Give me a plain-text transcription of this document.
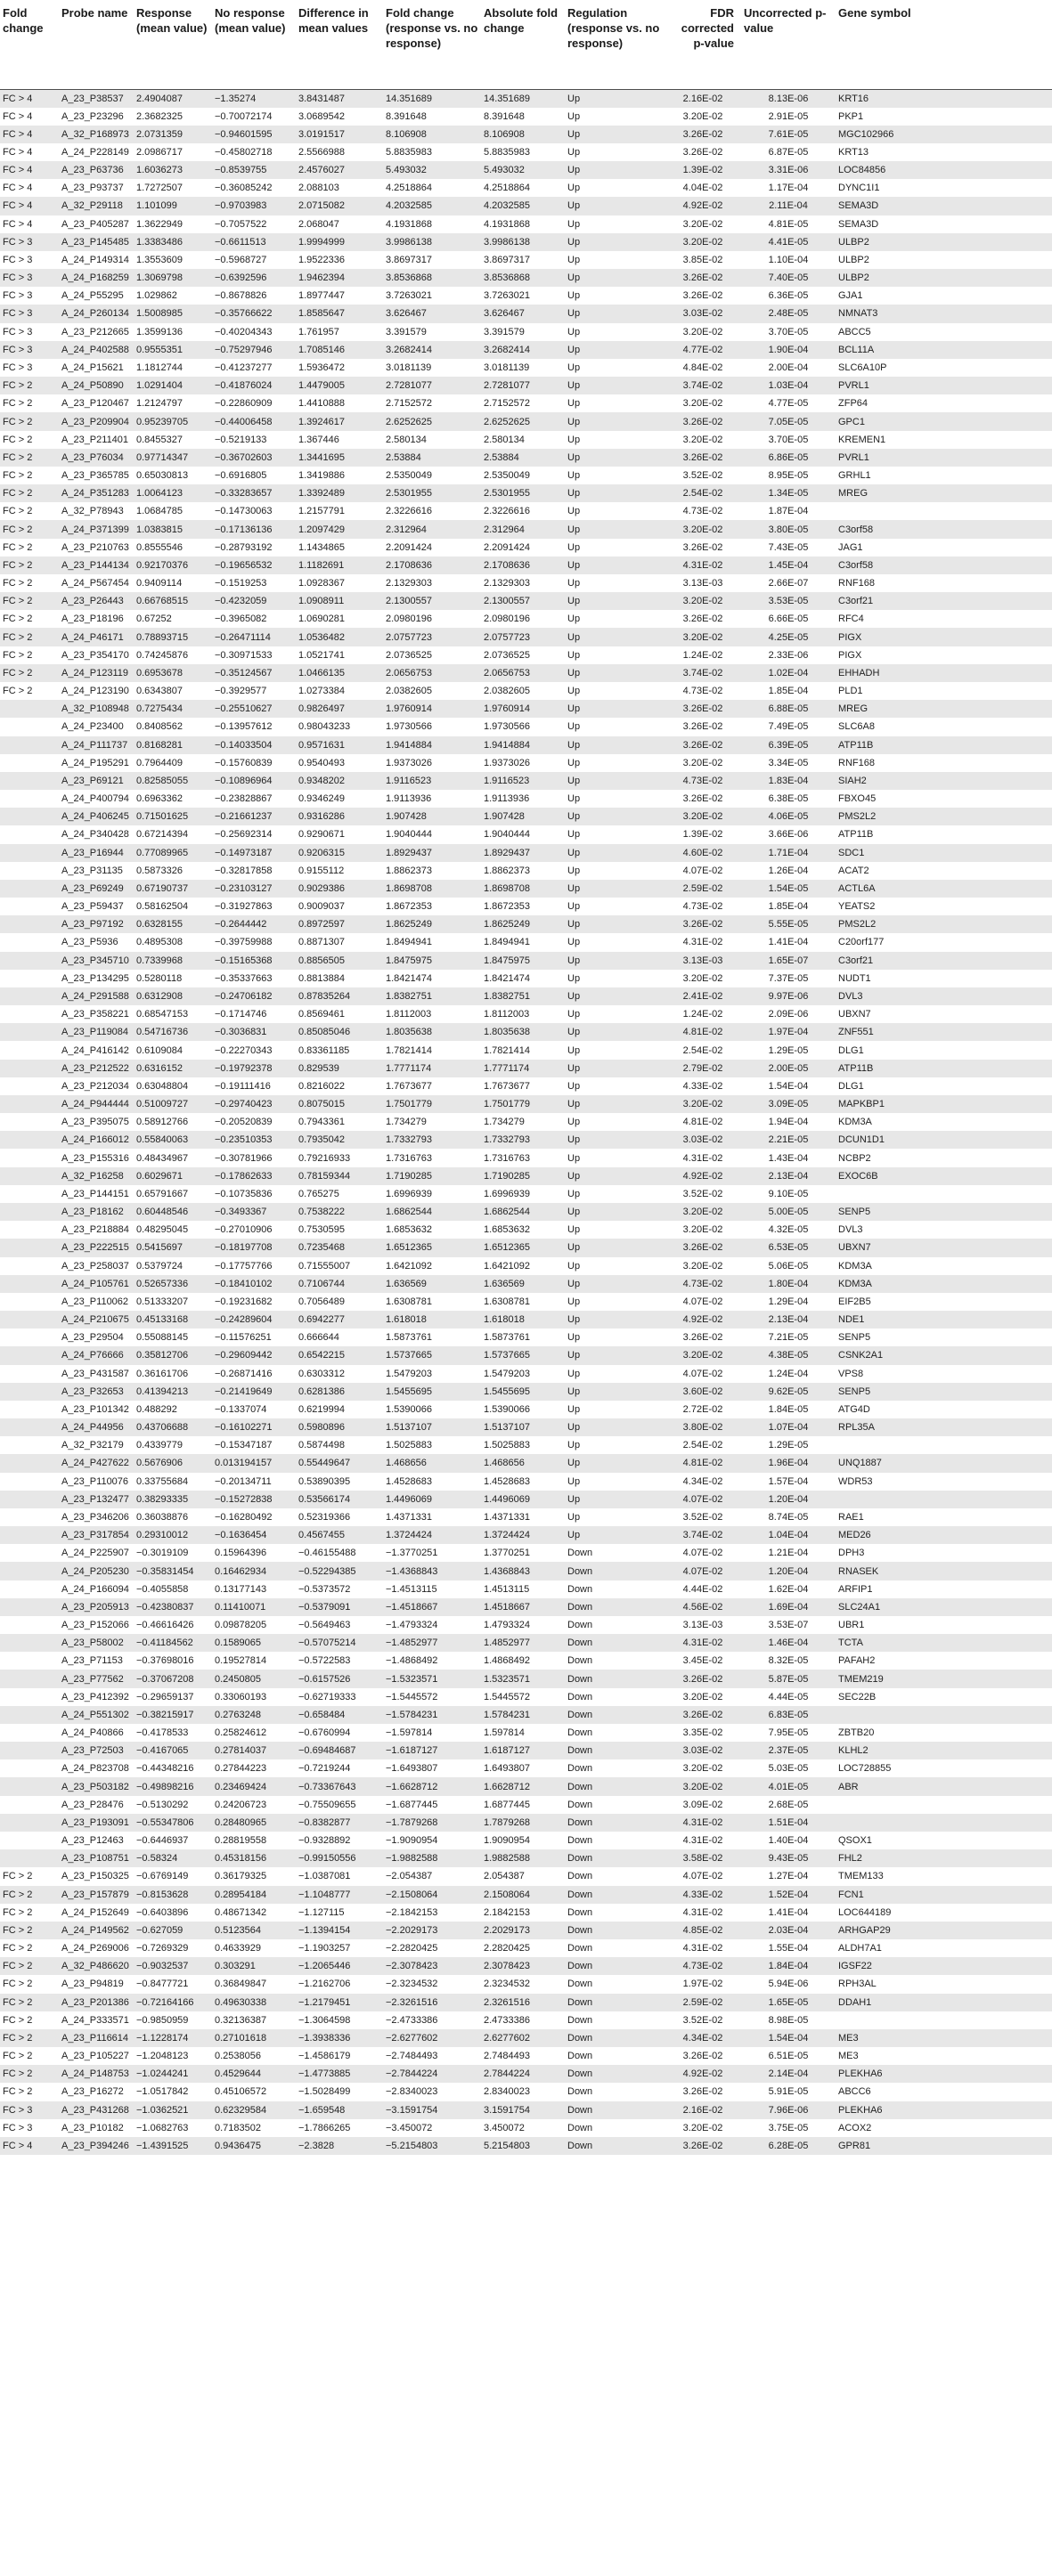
Fold change	Probe name	Response (mean value)	No response (mean value)	Difference in mean values	Fold change (response vs. no response)	Absolute fold change	Regulation (response vs. no response)	FDR corrected p-value	Uncorrected p-value	Gene symbol
FC > 4	A_23_P38537	2.4904087	−1.35274	3.8431487	14.351689	14.351689	Up	2.16E-02	8.13E-06	KRT16
FC > 4	A_23_P23296	2.3682325	−0.70072174	3.0689542	8.391648	8.391648	Up	3.20E-02	2.91E-05	PKP1
FC > 4	A_32_P168973	2.0731359	−0.94601595	3.0191517	8.106908	8.106908	Up	3.26E-02	7.61E-05	MGC102966
FC > 4	A_24_P228149	2.0986717	−0.45802718	2.5566988	5.8835983	5.8835983	Up	3.26E-02	6.87E-05	KRT13
FC > 4	A_23_P63736	1.6036273	−0.8539755	2.4576027	5.493032	5.493032	Up	1.39E-02	3.31E-06	LOC84856
FC > 4	A_23_P93737	1.7272507	−0.36085242	2.088103	4.2518864	4.2518864	Up	4.04E-02	1.17E-04	DYNC1I1
FC > 4	A_32_P29118	1.101099	−0.9703983	2.0715082	4.2032585	4.2032585	Up	4.92E-02	2.11E-04	SEMA3D
FC > 4	A_23_P405287	1.3622949	−0.7057522	2.068047	4.1931868	4.1931868	Up	3.20E-02	4.81E-05	SEMA3D
FC > 3	A_23_P145485	1.3383486	−0.6611513	1.9994999	3.9986138	3.9986138	Up	3.20E-02	4.41E-05	ULBP2
FC > 3	A_24_P149314	1.3553609	−0.5968727	1.9522336	3.8697317	3.8697317	Up	3.85E-02	1.10E-04	ULBP2
FC > 3	A_24_P168259	1.3069798	−0.6392596	1.9462394	3.8536868	3.8536868	Up	3.26E-02	7.40E-05	ULBP2
FC > 3	A_24_P55295	1.029862	−0.8678826	1.8977447	3.7263021	3.7263021	Up	3.26E-02	6.36E-05	GJA1
FC > 3	A_24_P260134	1.5008985	−0.35766622	1.8585647	3.626467	3.626467	Up	3.03E-02	2.48E-05	NMNAT3
FC > 3	A_23_P212665	1.3599136	−0.40204343	1.761957	3.391579	3.391579	Up	3.20E-02	3.70E-05	ABCC5
FC > 3	A_24_P402588	0.9555351	−0.75297946	1.7085146	3.2682414	3.2682414	Up	4.77E-02	1.90E-04	BCL11A
FC > 3	A_24_P15621	1.1812744	−0.41237277	1.5936472	3.0181139	3.0181139	Up	4.84E-02	2.00E-04	SLC6A10P
FC > 2	A_24_P50890	1.0291404	−0.41876024	1.4479005	2.7281077	2.7281077	Up	3.74E-02	1.03E-04	PVRL1
FC > 2	A_23_P120467	1.2124797	−0.22860909	1.4410888	2.7152572	2.7152572	Up	3.20E-02	4.77E-05	ZFP64
FC > 2	A_23_P209904	0.95239705	−0.44006458	1.3924617	2.6252625	2.6252625	Up	3.26E-02	7.05E-05	GPC1
FC > 2	A_23_P211401	0.8455327	−0.5219133	1.367446	2.580134	2.580134	Up	3.20E-02	3.70E-05	KREMEN1
FC > 2	A_23_P76034	0.97714347	−0.36702603	1.3441695	2.53884	2.53884	Up	3.26E-02	6.86E-05	PVRL1
FC > 2	A_23_P365785	0.65030813	−0.6916805	1.3419886	2.5350049	2.5350049	Up	3.52E-02	8.95E-05	GRHL1
FC > 2	A_24_P351283	1.0064123	−0.33283657	1.3392489	2.5301955	2.5301955	Up	2.54E-02	1.34E-05	MREG
FC > 2	A_32_P78943	1.0684785	−0.14730063	1.2157791	2.3226616	2.3226616	Up	4.73E-02	1.87E-04	
FC > 2	A_24_P371399	1.0383815	−0.17136136	1.2097429	2.312964	2.312964	Up	3.20E-02	3.80E-05	C3orf58
FC > 2	A_23_P210763	0.8555546	−0.28793192	1.1434865	2.2091424	2.2091424	Up	3.26E-02	7.43E-05	JAG1
FC > 2	A_23_P144134	0.92170376	−0.19656532	1.1182691	2.1708636	2.1708636	Up	4.31E-02	1.45E-04	C3orf58
FC > 2	A_24_P567454	0.9409114	−0.1519253	1.0928367	2.1329303	2.1329303	Up	3.13E-03	2.66E-07	RNF168
FC > 2	A_23_P26443	0.66768515	−0.4232059	1.0908911	2.1300557	2.1300557	Up	3.20E-02	3.53E-05	C3orf21
FC > 2	A_23_P18196	0.67252	−0.3965082	1.0690281	2.0980196	2.0980196	Up	3.26E-02	6.66E-05	RFC4
FC > 2	A_24_P46171	0.78893715	−0.26471114	1.0536482	2.0757723	2.0757723	Up	3.20E-02	4.25E-05	PIGX
FC > 2	A_23_P354170	0.74245876	−0.30971533	1.0521741	2.0736525	2.0736525	Up	1.24E-02	2.33E-06	PIGX
FC > 2	A_24_P123119	0.6953678	−0.35124567	1.0466135	2.0656753	2.0656753	Up	3.74E-02	1.02E-04	EHHADH
FC > 2	A_24_P123190	0.6343807	−0.3929577	1.0273384	2.0382605	2.0382605	Up	4.73E-02	1.85E-04	PLD1
	A_32_P108948	0.7275434	−0.25510627	0.9826497	1.9760914	1.9760914	Up	3.26E-02	6.88E-05	MREG
	A_24_P23400	0.8408562	−0.13957612	0.98043233	1.9730566	1.9730566	Up	3.26E-02	7.49E-05	SLC6A8
	A_24_P111737	0.8168281	−0.14033504	0.9571631	1.9414884	1.9414884	Up	3.26E-02	6.39E-05	ATP11B
	A_24_P195291	0.7964409	−0.15760839	0.9540493	1.9373026	1.9373026	Up	3.20E-02	3.34E-05	RNF168
	A_23_P69121	0.82585055	−0.10896964	0.9348202	1.9116523	1.9116523	Up	4.73E-02	1.83E-04	SIAH2
	A_24_P400794	0.6963362	−0.23828867	0.9346249	1.9113936	1.9113936	Up	3.26E-02	6.38E-05	FBXO45
	A_24_P406245	0.71501625	−0.21661237	0.9316286	1.907428	1.907428	Up	3.20E-02	4.06E-05	PMS2L2
	A_24_P340428	0.67214394	−0.25692314	0.9290671	1.9040444	1.9040444	Up	1.39E-02	3.66E-06	ATP11B
	A_23_P16944	0.77089965	−0.14973187	0.9206315	1.8929437	1.8929437	Up	4.60E-02	1.71E-04	SDC1
	A_23_P31135	0.5873326	−0.32817858	0.9155112	1.8862373	1.8862373	Up	4.07E-02	1.26E-04	ACAT2
	A_23_P69249	0.67190737	−0.23103127	0.9029386	1.8698708	1.8698708	Up	2.59E-02	1.54E-05	ACTL6A
	A_23_P59437	0.58162504	−0.31927863	0.9009037	1.8672353	1.8672353	Up	4.73E-02	1.85E-04	YEATS2
	A_23_P97192	0.6328155	−0.2644442	0.8972597	1.8625249	1.8625249	Up	3.26E-02	5.55E-05	PMS2L2
	A_23_P5936	0.4895308	−0.39759988	0.8871307	1.8494941	1.8494941	Up	4.31E-02	1.41E-04	C20orf177
	A_23_P345710	0.7339968	−0.15165368	0.8856505	1.8475975	1.8475975	Up	3.13E-03	1.65E-07	C3orf21
	A_23_P134295	0.5280118	−0.35337663	0.8813884	1.8421474	1.8421474	Up	3.20E-02	7.37E-05	NUDT1
	A_24_P291588	0.6312908	−0.24706182	0.87835264	1.8382751	1.8382751	Up	2.41E-02	9.97E-06	DVL3
	A_23_P358221	0.68547153	−0.1714746	0.8569461	1.8112003	1.8112003	Up	1.24E-02	2.09E-06	UBXN7
	A_23_P119084	0.54716736	−0.3036831	0.85085046	1.8035638	1.8035638	Up	4.81E-02	1.97E-04	ZNF551
	A_24_P416142	0.6109084	−0.22270343	0.83361185	1.7821414	1.7821414	Up	2.54E-02	1.29E-05	DLG1
	A_23_P212522	0.6316152	−0.19792378	0.829539	1.7771174	1.7771174	Up	2.79E-02	2.00E-05	ATP11B
	A_23_P212034	0.63048804	−0.19111416	0.8216022	1.7673677	1.7673677	Up	4.33E-02	1.54E-04	DLG1
	A_24_P944444	0.51009727	−0.29740423	0.8075015	1.7501779	1.7501779	Up	3.20E-02	3.09E-05	MAPKBP1
	A_23_P395075	0.58912766	−0.20520839	0.7943361	1.734279	1.734279	Up	4.81E-02	1.94E-04	KDM3A
	A_24_P166012	0.55840063	−0.23510353	0.7935042	1.7332793	1.7332793	Up	3.03E-02	2.21E-05	DCUN1D1
	A_23_P155316	0.48434967	−0.30781966	0.79216933	1.7316763	1.7316763	Up	4.31E-02	1.43E-04	NCBP2
	A_32_P16258	0.6029671	−0.17862633	0.78159344	1.7190285	1.7190285	Up	4.92E-02	2.13E-04	EXOC6B
	A_23_P144151	0.65791667	−0.10735836	0.765275	1.6996939	1.6996939	Up	3.52E-02	9.10E-05	
	A_23_P18162	0.60448546	−0.3493367	0.7538222	1.6862544	1.6862544	Up	3.20E-02	5.00E-05	SENP5
	A_23_P218884	0.48295045	−0.27010906	0.7530595	1.6853632	1.6853632	Up	3.20E-02	4.32E-05	DVL3
	A_23_P222515	0.5415697	−0.18197708	0.7235468	1.6512365	1.6512365	Up	3.26E-02	6.53E-05	UBXN7
	A_23_P258037	0.5379724	−0.17757766	0.71555007	1.6421092	1.6421092	Up	3.20E-02	5.06E-05	KDM3A
	A_24_P105761	0.52657336	−0.18410102	0.7106744	1.636569	1.636569	Up	4.73E-02	1.80E-04	KDM3A
	A_23_P110062	0.51333207	−0.19231682	0.7056489	1.6308781	1.6308781	Up	4.07E-02	1.29E-04	EIF2B5
	A_24_P210675	0.45133168	−0.24289604	0.6942277	1.618018	1.618018	Up	4.92E-02	2.13E-04	NDE1
	A_23_P29504	0.55088145	−0.11576251	0.666644	1.5873761	1.5873761	Up	3.26E-02	7.21E-05	SENP5
	A_24_P76666	0.35812706	−0.29609442	0.6542215	1.5737665	1.5737665	Up	3.20E-02	4.38E-05	CSNK2A1
	A_23_P431587	0.36161706	−0.26871416	0.6303312	1.5479203	1.5479203	Up	4.07E-02	1.24E-04	VPS8
	A_23_P32653	0.41394213	−0.21419649	0.6281386	1.5455695	1.5455695	Up	3.60E-02	9.62E-05	SENP5
	A_23_P101342	0.488292	−0.1337074	0.6219994	1.5390066	1.5390066	Up	2.72E-02	1.84E-05	ATG4D
	A_24_P44956	0.43706688	−0.16102271	0.5980896	1.5137107	1.5137107	Up	3.80E-02	1.07E-04	RPL35A
	A_32_P32179	0.4339779	−0.15347187	0.5874498	1.5025883	1.5025883	Up	2.54E-02	1.29E-05	
	A_24_P427622	0.5676906	0.013194157	0.55449647	1.468656	1.468656	Up	4.81E-02	1.96E-04	UNQ1887
	A_23_P110076	0.33755684	−0.20134711	0.53890395	1.4528683	1.4528683	Up	4.34E-02	1.57E-04	WDR53
	A_23_P132477	0.38293335	−0.15272838	0.53566174	1.4496069	1.4496069	Up	4.07E-02	1.20E-04	
	A_23_P346206	0.36038876	−0.16280492	0.52319366	1.4371331	1.4371331	Up	3.52E-02	8.74E-05	RAE1
	A_23_P317854	0.29310012	−0.1636454	0.4567455	1.3724424	1.3724424	Up	3.74E-02	1.04E-04	MED26
	A_24_P225907	−0.3019109	0.15964396	−0.46155488	−1.3770251	1.3770251	Down	4.07E-02	1.21E-04	DPH3
	A_24_P205230	−0.35831454	0.16462934	−0.52294385	−1.4368843	1.4368843	Down	4.07E-02	1.20E-04	RNASEK
	A_24_P166094	−0.4055858	0.13177143	−0.5373572	−1.4513115	1.4513115	Down	4.44E-02	1.62E-04	ARFIP1
	A_23_P205913	−0.42380837	0.11410071	−0.5379091	−1.4518667	1.4518667	Down	4.56E-02	1.69E-04	SLC24A1
	A_23_P152066	−0.46616426	0.09878205	−0.5649463	−1.4793324	1.4793324	Down	3.13E-03	3.53E-07	UBR1
	A_23_P58002	−0.41184562	0.1589065	−0.57075214	−1.4852977	1.4852977	Down	4.31E-02	1.46E-04	TCTA
	A_23_P71153	−0.37698016	0.19527814	−0.5722583	−1.4868492	1.4868492	Down	3.45E-02	8.32E-05	PAFAH2
	A_23_P77562	−0.37067208	0.2450805	−0.6157526	−1.5323571	1.5323571	Down	3.26E-02	5.87E-05	TMEM219
	A_23_P412392	−0.29659137	0.33060193	−0.62719333	−1.5445572	1.5445572	Down	3.20E-02	4.44E-05	SEC22B
	A_24_P551302	−0.38215917	0.2763248	−0.658484	−1.5784231	1.5784231	Down	3.26E-02	6.83E-05	
	A_24_P40866	−0.4178533	0.25824612	−0.6760994	−1.597814	1.597814	Down	3.35E-02	7.95E-05	ZBTB20
	A_23_P72503	−0.4167065	0.27814037	−0.69484687	−1.6187127	1.6187127	Down	3.03E-02	2.37E-05	KLHL2
	A_24_P823708	−0.44348216	0.27844223	−0.7219244	−1.6493807	1.6493807	Down	3.20E-02	5.03E-05	LOC728855
	A_23_P503182	−0.49898216	0.23469424	−0.73367643	−1.6628712	1.6628712	Down	3.20E-02	4.01E-05	ABR
	A_23_P28476	−0.5130292	0.24206723	−0.75509655	−1.6877445	1.6877445	Down	3.09E-02	2.68E-05	
	A_23_P193091	−0.55347806	0.28480965	−0.8382877	−1.7879268	1.7879268	Down	4.31E-02	1.51E-04	
	A_23_P12463	−0.6446937	0.28819558	−0.9328892	−1.9090954	1.9090954	Down	4.31E-02	1.40E-04	QSOX1
	A_23_P108751	−0.58324	0.45318156	−0.99150556	−1.9882588	1.9882588	Down	3.58E-02	9.43E-05	FHL2
FC > 2	A_23_P150325	−0.6769149	0.36179325	−1.0387081	−2.054387	2.054387	Down	4.07E-02	1.27E-04	TMEM133
FC > 2	A_23_P157879	−0.8153628	0.28954184	−1.1048777	−2.1508064	2.1508064	Down	4.33E-02	1.52E-04	FCN1
FC > 2	A_24_P152649	−0.6403896	0.48671342	−1.127115	−2.1842153	2.1842153	Down	4.31E-02	1.41E-04	LOC644189
FC > 2	A_24_P149562	−0.627059	0.5123564	−1.1394154	−2.2029173	2.2029173	Down	4.85E-02	2.03E-04	ARHGAP29
FC > 2	A_24_P269006	−0.7269329	0.4633929	−1.1903257	−2.2820425	2.2820425	Down	4.31E-02	1.55E-04	ALDH7A1
FC > 2	A_32_P486620	−0.9032537	0.303291	−1.2065446	−2.3078423	2.3078423	Down	4.73E-02	1.84E-04	IGSF22
FC > 2	A_23_P94819	−0.8477721	0.36849847	−1.2162706	−2.3234532	2.3234532	Down	1.97E-02	5.94E-06	RPH3AL
FC > 2	A_23_P201386	−0.72164166	0.49630338	−1.2179451	−2.3261516	2.3261516	Down	2.59E-02	1.65E-05	DDAH1
FC > 2	A_24_P333571	−0.9850959	0.32136387	−1.3064598	−2.4733386	2.4733386	Down	3.52E-02	8.98E-05	
FC > 2	A_23_P116614	−1.1228174	0.27101618	−1.3938336	−2.6277602	2.6277602	Down	4.34E-02	1.54E-04	ME3
FC > 2	A_23_P105227	−1.2048123	0.2538056	−1.4586179	−2.7484493	2.7484493	Down	3.26E-02	6.51E-05	ME3
FC > 2	A_24_P148753	−1.0244241	0.4529644	−1.4773885	−2.7844224	2.7844224	Down	4.92E-02	2.14E-04	PLEKHA6
FC > 2	A_23_P16272	−1.0517842	0.45106572	−1.5028499	−2.8340023	2.8340023	Down	3.26E-02	5.91E-05	ABCC6
FC > 3	A_23_P431268	−1.0362521	0.62329584	−1.659548	−3.1591754	3.1591754	Down	2.16E-02	7.96E-06	PLEKHA6
FC > 3	A_23_P10182	−1.0682763	0.7183502	−1.7866265	−3.450072	3.450072	Down	3.20E-02	3.75E-05	ACOX2
FC > 4	A_23_P394246	−1.4391525	0.9436475	−2.3828	−5.2154803	5.2154803	Down	3.26E-02	6.28E-05	GPR81
